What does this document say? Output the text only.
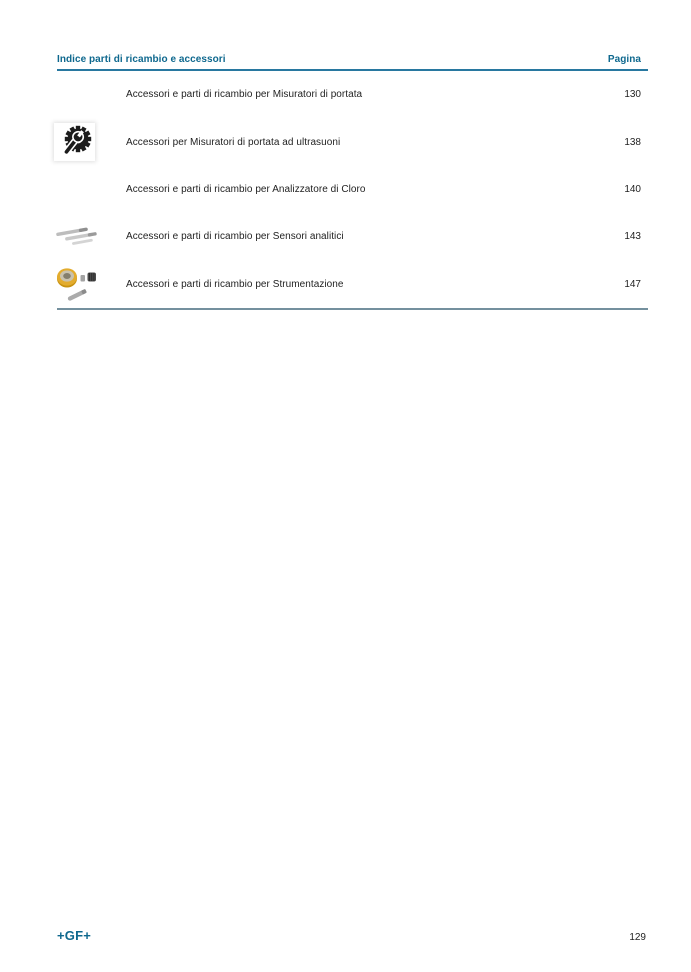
Indice parti di ricambio e accessori	Pagina
Accessori e parti di ricambio per Misuratori di portata	130
Accessori per Misuratori di portata ad ultrasuoni	138
Accessori e parti di ricambio per Analizzatore di Cloro	140
Accessori e parti di ricambio per Sensori analitici	143
Accessori e parti di ricambio per Strumentazione	147
+GF+	129
